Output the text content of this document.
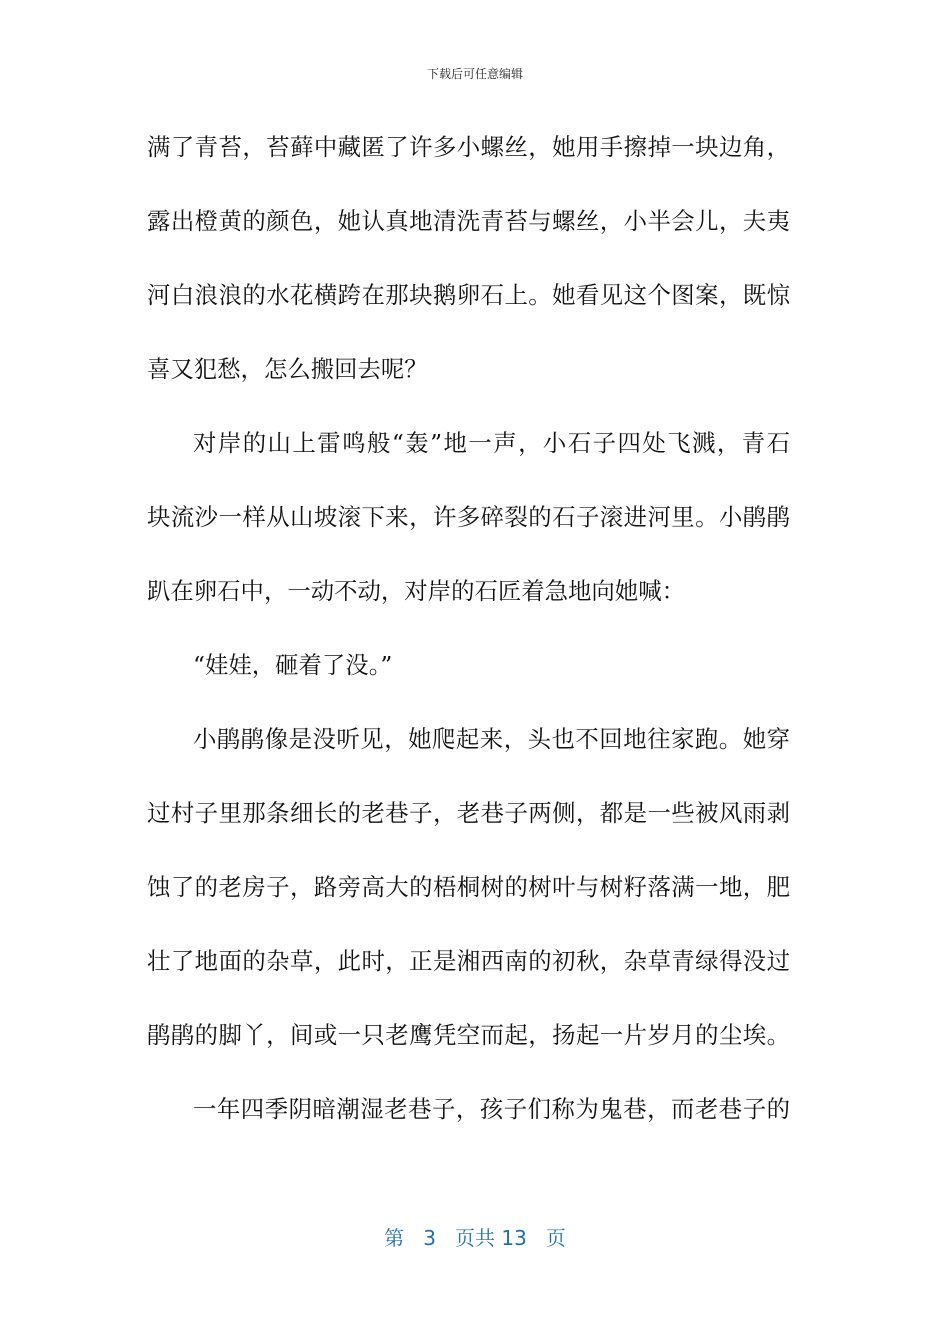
下载后可任意编辑
满了青苔，苔藓中藏匿了许多小螺丝，她用手擦掉一块边角，
露出橙黄的颜色，她认真地清洗青苔与螺丝，小半会儿，夫夷
河白浪浪的水花横跨在那块鹅卵石上。她看见这个图案，既惊
喜又犯愁，怎么搬回去呢？
对岸的山上雷鸣般“轰”地一声，小石子四处飞溅，青石
块流沙一样从山坡滚下来，许多碎裂的石子滚进河里。小鹃鹃
趴在卵石中，一动不动，对岸的石匠着急地向她喊：
“娃娃，砸着了没。”
小鹃鹃像是没听见，她爬起来，头也不回地往家跑。她穿
过村子里那条细长的老巷子，老巷子两侧，都是一些被风雨剥
蚀了的老房子，路旁高大的梧桐树的树叶与树籽落满一地，肥
壮了地面的杂草，此时，正是湘西南的初秋，杂草青绿得没过
鹃鹃的脚丫，间或一只老鹰凭空而起，扬起一片岁月的尘埃。
一年四季阴暗潮湿老巷子，孩子们称为鬼巷，而老巷子的
第 3 页共 13 页
